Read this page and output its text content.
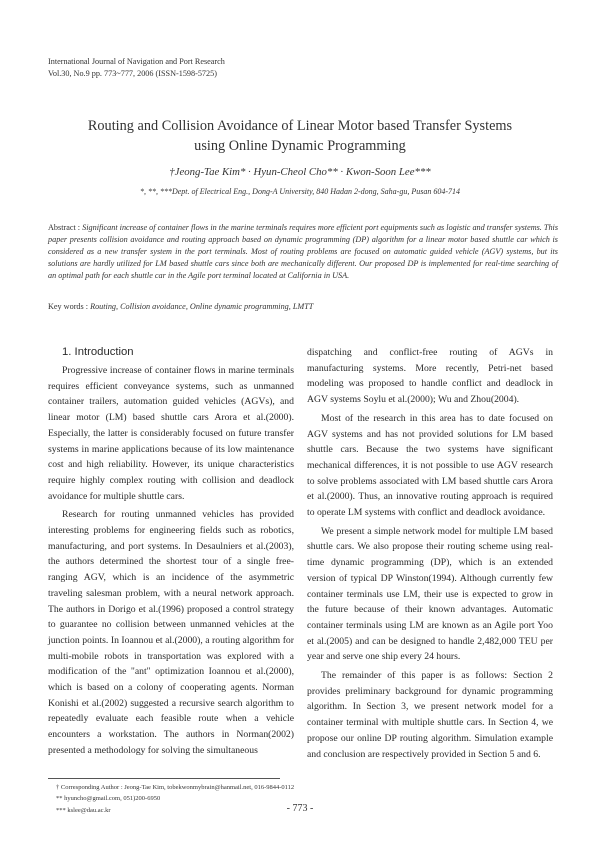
International Journal of Navigation and Port Research
Vol.30, No.9 pp. 773~777, 2006 (ISSN-1598-5725)
Routing and Collision Avoidance of Linear Motor based Transfer Systems
using Online Dynamic Programming
†Jeong-Tae Kim* · Hyun-Cheol Cho** · Kwon-Soon Lee***
*, **, ***Dept. of Electrical Eng., Dong-A University, 840 Hadan 2-dong, Saha-gu, Pusan 604-714
Abstract : Significant increase of container flows in the marine terminals requires more efficient port equipments such as logistic and transfer systems. This paper presents collision avoidance and routing approach based on dynamic programming (DP) algorithm for a linear motor based shuttle car which is considered as a new transfer system in the port terminals. Most of routing problems are focused on automatic guided vehicle (AGV) systems, but its solutions are hardly utilized for LM based shuttle cars since both are mechanically different. Our proposed DP is implemented for real-time searching of an optimal path for each shuttle car in the Agile port terminal located at California in USA.
Key words : Routing, Collision avoidance, Online dynamic programming, LMTT

1. Introduction

Progressive increase of container flows in marine terminals requires efficient conveyance systems, such as unmanned container trailers, automation guided vehicles (AGVs), and linear motor (LM) based shuttle cars Arora et al.(2000). Especially, the latter is considerably focused on future transfer systems in marine applications because of its low maintenance cost and high reliability. However, its unique characteristics require highly complex routing with collision and deadlock avoidance for multiple shuttle cars.

Research for routing unmanned vehicles has provided interesting problems for engineering fields such as robotics, manufacturing, and port systems. In Desaulniers et al.(2003), the authors determined the shortest tour of a single free-ranging AGV, which is an incidence of the asymmetric traveling salesman problem, with a neural network approach. The authors in Dorigo et al.(1996) proposed a control strategy to guarantee no collision between unmanned vehicles at the junction points. In Ioannou et al.(2000), a routing algorithm for multi-mobile robots in transportation was explored with a modification of the "ant" optimization Ioannou et al.(2000), which is based on a colony of cooperating agents. Norman Konishi et al.(2002) suggested a recursive search algorithm to repeatedly evaluate each feasible route when a vehicle encounters a workstation. The authors in Norman(2002) presented a methodology for solving the simultaneous

dispatching and conflict-free routing of AGVs in manufacturing systems. More recently, Petri-net based modeling was proposed to handle conflict and deadlock in AGV systems Soylu et al.(2000); Wu and Zhou(2004).

Most of the research in this area has to date focused on AGV systems and has not provided solutions for LM based shuttle cars. Because the two systems have significant mechanical differences, it is not possible to use AGV research to solve problems associated with LM based shuttle cars Arora et al.(2000). Thus, an innovative routing approach is required to operate LM systems with conflict and deadlock avoidance.

We present a simple network model for multiple LM based shuttle cars. We also propose their routing scheme using real-time dynamic programming (DP), which is an extended version of typical DP Winston(1994). Although currently few container terminals use LM, their use is expected to grow in the future because of their known advantages. Automatic container terminals using LM are known as an Agile port Yoo et al.(2005) and can be designed to handle 2,482,000 TEU per year and serve one ship every 24 hours.

The remainder of this paper is as follows: Section 2 provides preliminary background for dynamic programming algorithm. In Section 3, we present network model for a container terminal with multiple shuttle cars. In Section 4, we propose our online DP routing algorithm. Simulation example and conclusion are respectively provided in Section 5 and 6.

† Corresponding Author : Jeong-Tae Kim, tobekwonmybrain@hanmail.net, 016-9844-0112
** hyuncho@gmail.com, 051)200-6950
*** kslee@dau.ac.kr	- 773 -
